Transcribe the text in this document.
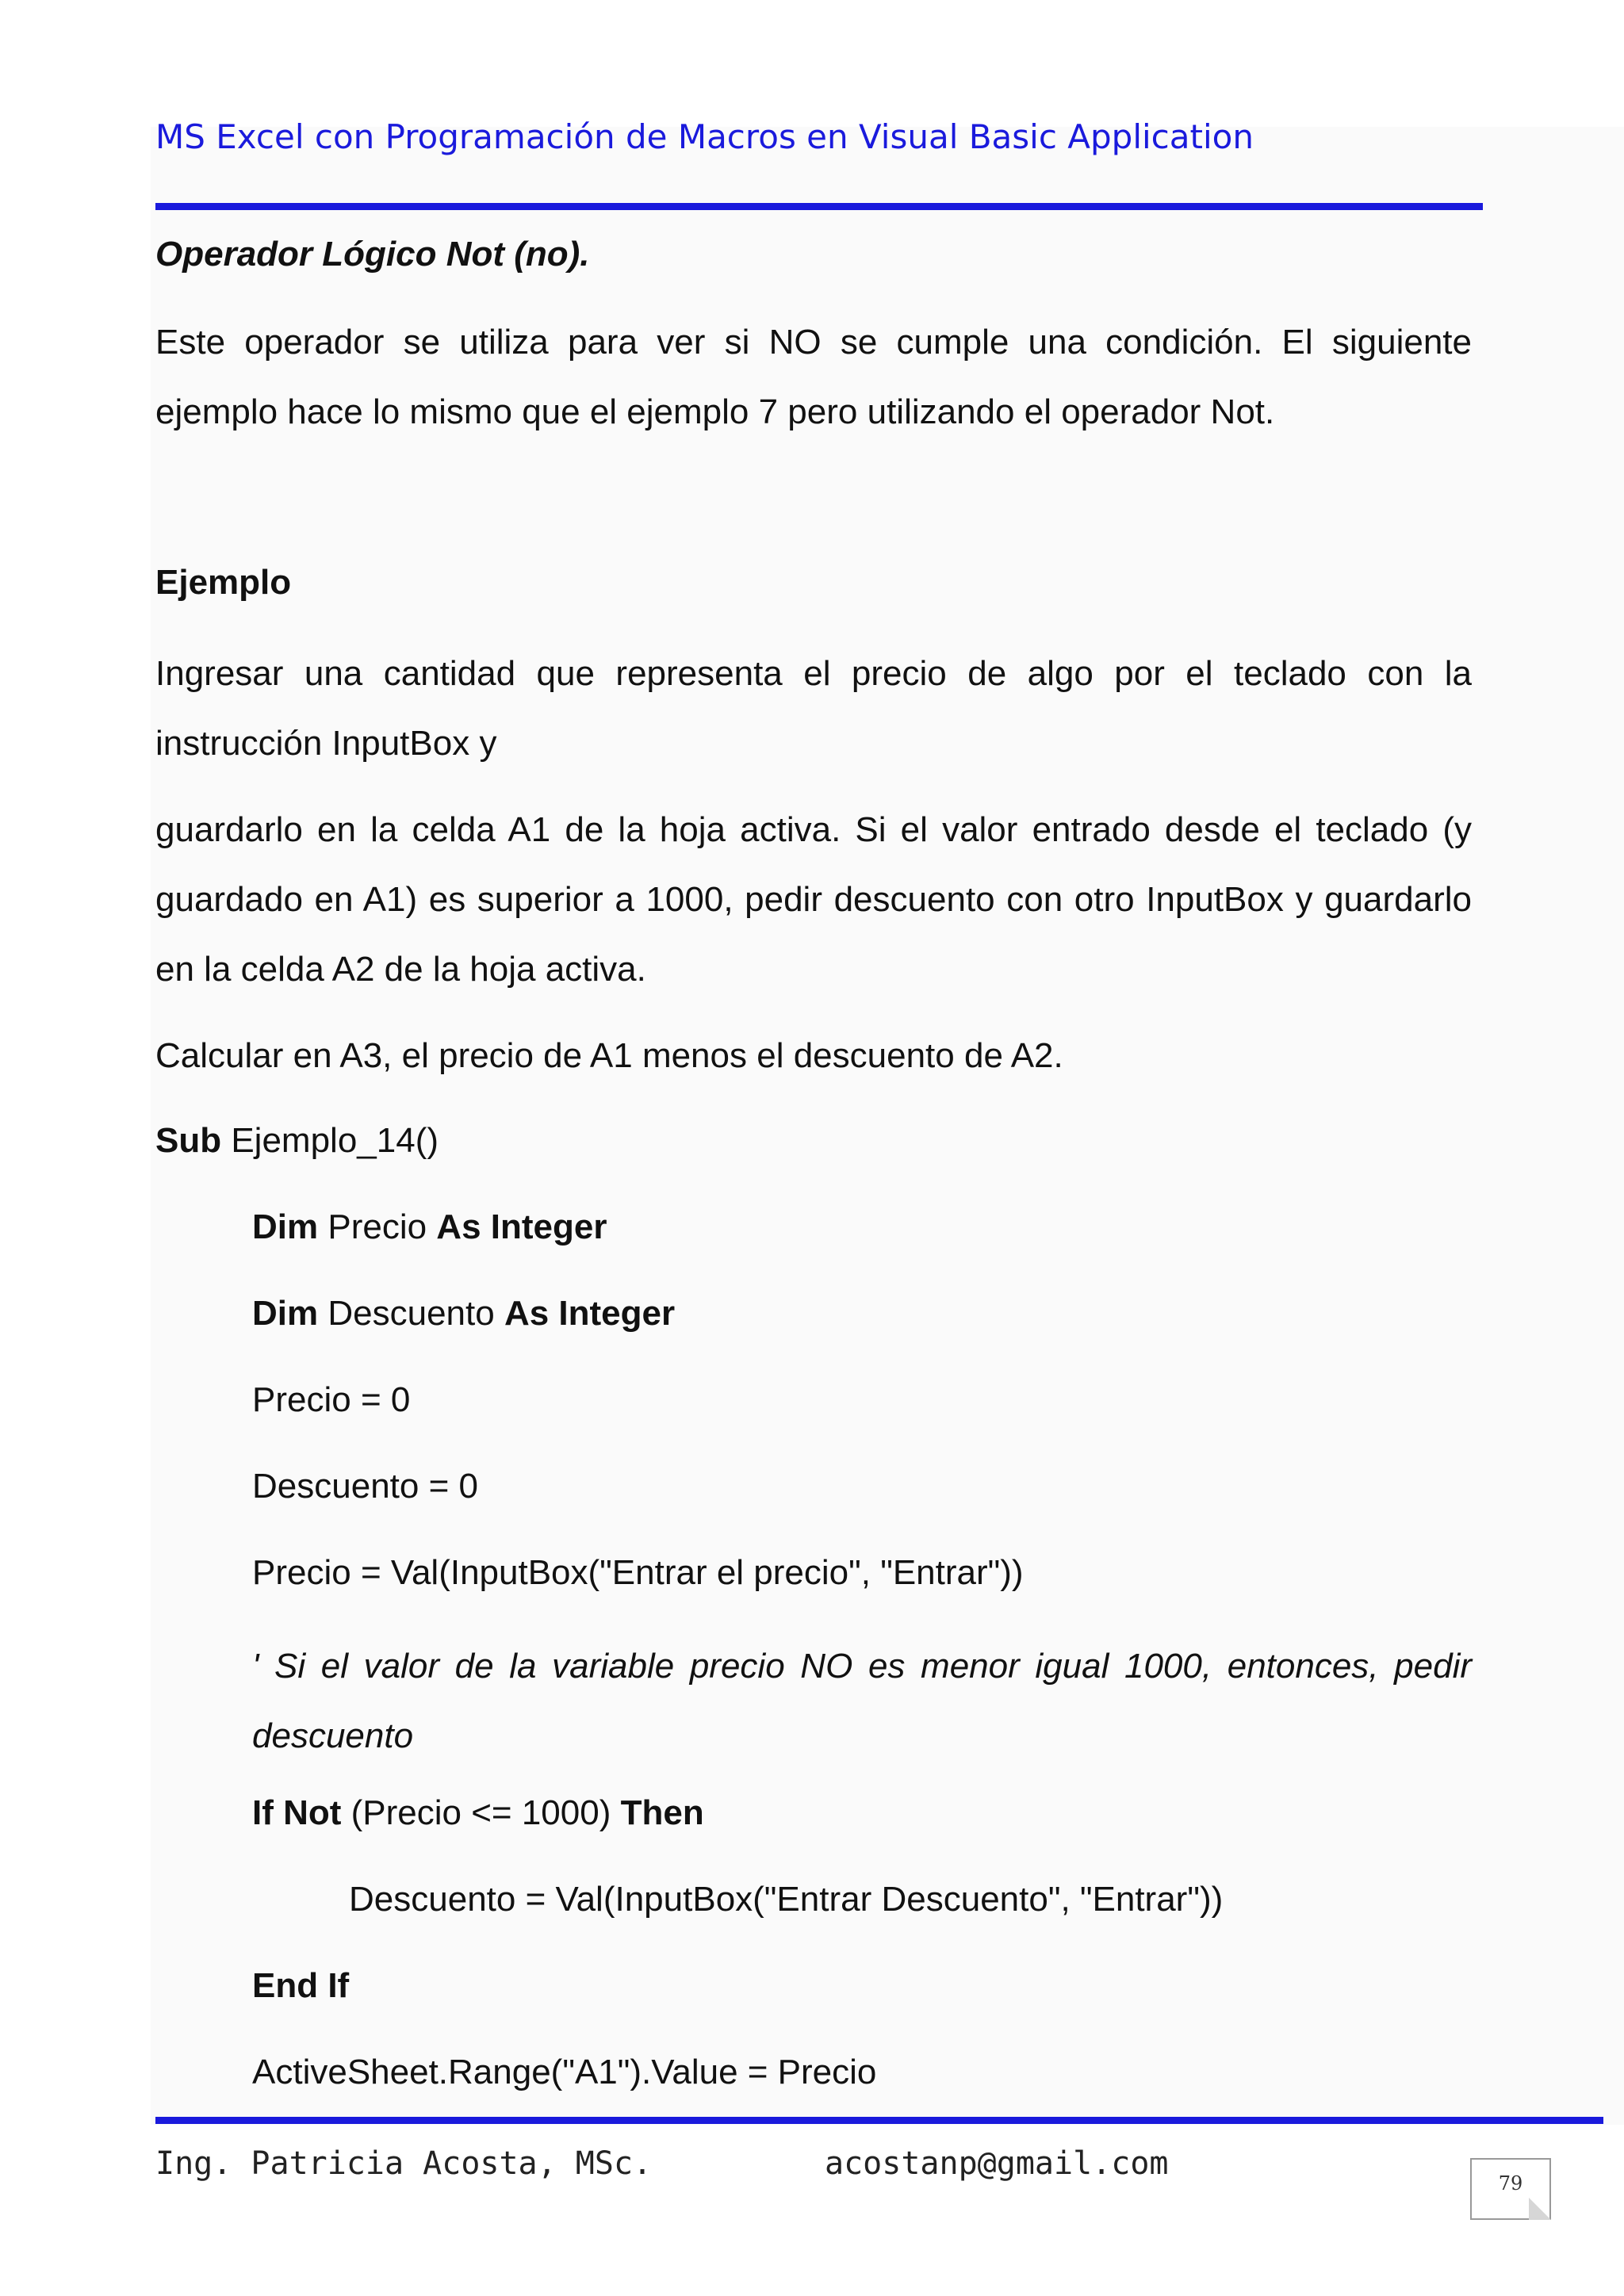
MS Excel con Programación de Macros en Visual Basic Application
Operador Lógico Not (no).
Este operador se utiliza para ver si NO se cumple una condición. El siguiente ejemplo hace lo mismo que el ejemplo 7 pero utilizando el operador Not.
Ejemplo
Ingresar una cantidad que representa el precio de algo por el teclado con la instrucción InputBox y
guardarlo en la celda A1 de la hoja activa. Si el valor entrado desde el teclado (y guardado en A1) es superior a 1000, pedir descuento con otro InputBox y guardarlo en la celda A2 de la hoja activa.
Calcular en A3, el precio de A1 menos el descuento de A2.
Sub Ejemplo_14()
Dim Precio As Integer
Dim Descuento As Integer
Precio = 0
Descuento = 0
Precio = Val(InputBox("Entrar el precio", "Entrar"))
' Si el valor de la variable precio NO es menor igual 1000, entonces, pedir descuento
If Not (Precio <= 1000) Then
Descuento = Val(InputBox("Entrar Descuento", "Entrar"))
End If
ActiveSheet.Range("A1").Value = Precio
Ing. Patricia Acosta, MSc.	acostanp@gmail.com
79
